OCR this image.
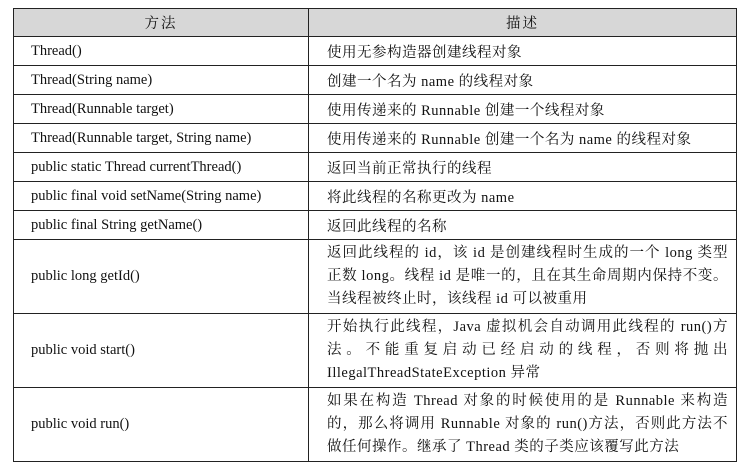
方法	描述
Thread()	使用无参构造器创建线程对象
Thread(String name)	创建一个名为 name 的线程对象
Thread(Runnable target)	使用传递来的 Runnable 创建一个线程对象
Thread(Runnable target, String name)	使用传递来的 Runnable 创建一个名为 name 的线程对象
public static Thread currentThread()	返回当前正常执行的线程
public final void setName(String name)	将此线程的名称更改为 name
public final String getName()	返回此线程的名称
public long getId()	返回此线程的 id，该 id 是创建线程时生成的一个 long 类型正数 long。线程 id 是唯一的，且在其生命周期内保持不变。当线程被终止时，该线程 id 可以被重用
public void start()	开始执行此线程，Java 虚拟机会自动调用此线程的 run()方法。不能重复启动已经启动的线程，否则将抛出 IllegalThreadStateException 异常
public void run()	如果在构造 Thread 对象的时候使用的是 Runnable 来构造的，那么将调用 Runnable 对象的 run()方法，否则此方法不做任何操作。继承了 Thread 类的子类应该覆写此方法
